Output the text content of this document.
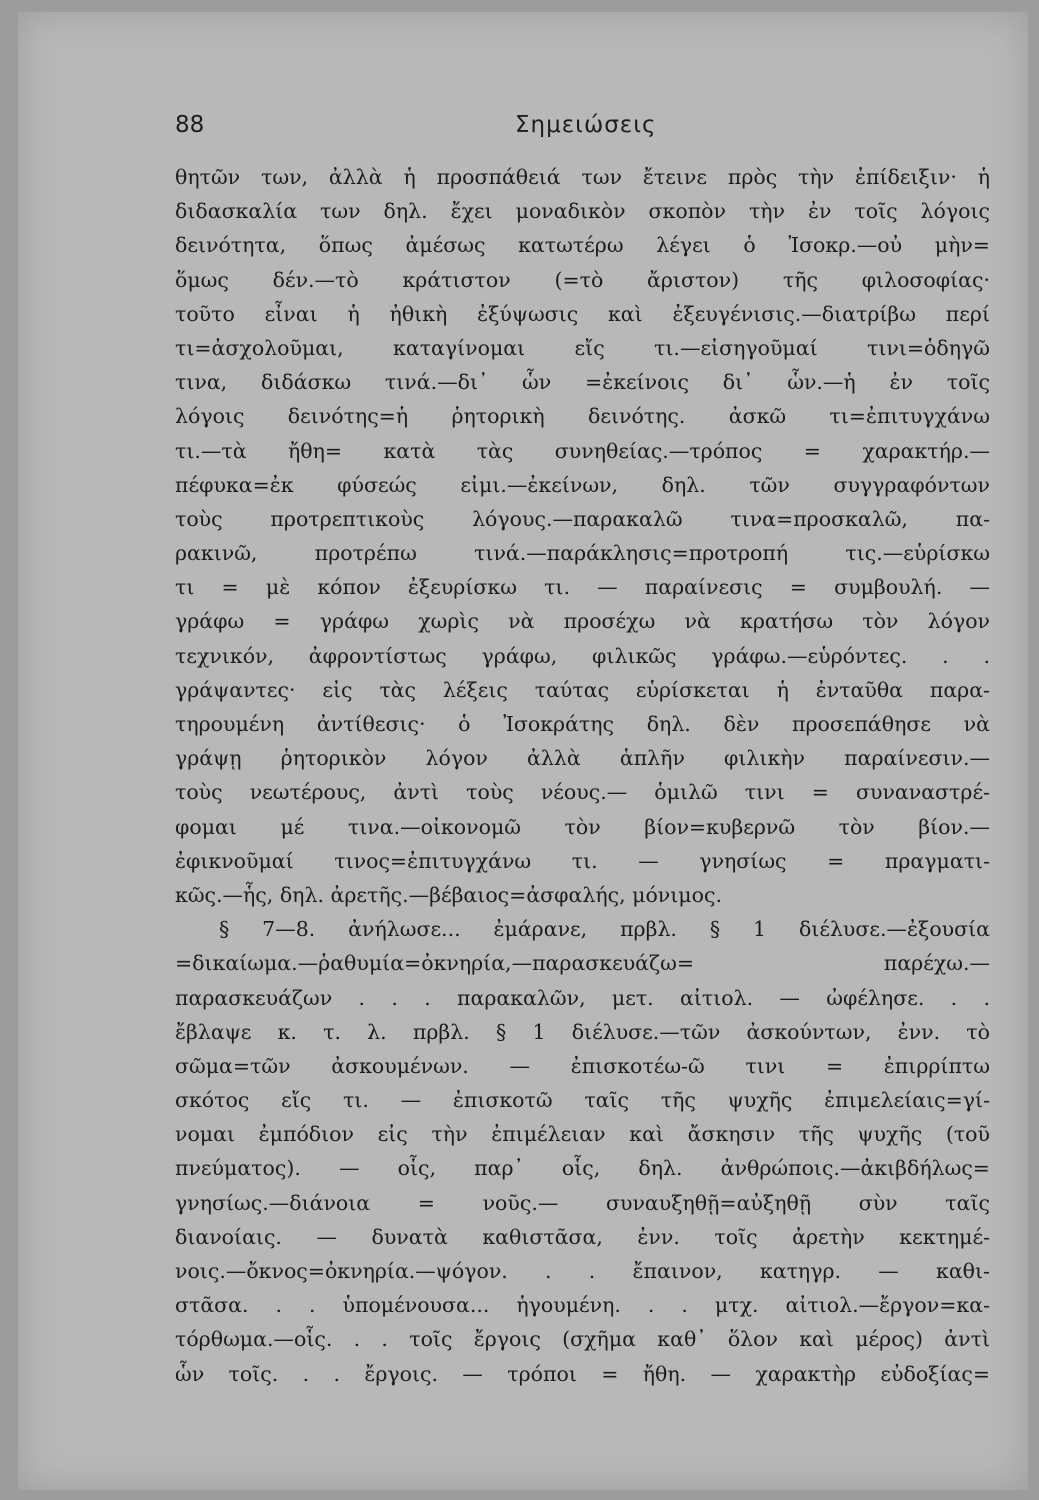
88	Σημειώσεις
θητῶν των, ἀλλὰ ἡ προσπάθειά των ἔτεινε πρὸς τὴν ἐπίδειξιν· ἡ
διδασκαλία των δηλ. ἔχει μοναδικὸν σκοπὸν τὴν ἐν τοῖς λόγοις
δεινότητα, ὅπως ἀμέσως κατωτέρω λέγει ὁ Ἰσοκρ.—οὐ μὴν=
ὅμως δέν.—τὸ κράτιστον (=τὸ ἄριστον) τῆς φιλοσοφίας·
τοῦτο εἶναι ἡ ἠθικὴ ἐξύψωσις καὶ ἐξευγένισις.—διατρίβω περί
τι=ἀσχολοῦμαι, καταγίνομαι εἴς τι.—εἰσηγοῦμαί τινι=ὁδηγῶ
τινα, διδάσκω τινά.—δι᾽ ὧν =ἐκείνοις δι᾽ ὧν.—ἡ ἐν τοῖς
λόγοις δεινότης=ἡ ῥητορικὴ δεινότης. ἀσκῶ τι=ἐπιτυγχάνω
τι.—τὰ ἤθη= κατὰ τὰς συνηθείας.—τρόπος = χαρακτήρ.—
πέφυκα=ἐκ φύσεώς εἰμι.—ἐκείνων, δηλ. τῶν συγγραφόντων
τοὺς προτρεπτικοὺς λόγους.—παρακαλῶ τινα=προσκαλῶ, πα-
ρακινῶ, προτρέπω τινά.—παράκλησις=προτροπή τις.—εὑρίσκω
τι = μὲ κόπον ἐξευρίσκω τι. — παραίνεσις = συμβουλή. —
γράφω = γράφω χωρὶς νὰ προσέχω νὰ κρατήσω τὸν λόγον
τεχνικόν, ἀφροντίστως γράφω, φιλικῶς γράφω.—εὑρόντες. . .
γράψαντες· εἰς τὰς λέξεις ταύτας εὑρίσκεται ἡ ἐνταῦθα παρα-
τηρουμένη ἀντίθεσις· ὁ Ἰσοκράτης δηλ. δὲν προσεπάθησε νὰ
γράψῃ ῥητορικὸν λόγον ἀλλὰ ἁπλῆν φιλικὴν παραίνεσιν.—
τοὺς νεωτέρους, ἀντὶ τοὺς νέους.— ὁμιλῶ τινι = συναναστρέ-
φομαι μέ τινα.—οἰκονομῶ τὸν βίον=κυβερνῶ τὸν βίον.—
ἐφικνοῦμαί τινος=ἐπιτυγχάνω τι. — γνησίως = πραγματι-
κῶς.—ἧς, δηλ. ἀρετῆς.—βέβαιος=ἀσφαλής, μόνιμος.
§ 7—8. ἀνήλωσε... ἐμάρανε, πρβλ. § 1 διέλυσε.—ἐξουσία
=δικαίωμα.—ῥαθυμία=ὀκνηρία,—παρασκευάζω= παρέχω.—
παρασκευάζων . . . παρακαλῶν, μετ. αἰτιολ. — ὠφέλησε. . .
ἔβλαψε κ. τ. λ. πρβλ. § 1 διέλυσε.—τῶν ἀσκούντων, ἐνν. τὸ
σῶμα=τῶν ἀσκουμένων. — ἐπισκοτέω-ῶ τινι = ἐπιρρίπτω
σκότος εἴς τι. — ἐπισκοτῶ ταῖς τῆς ψυχῆς ἐπιμελείαις=γί-
νομαι ἐμπόδιον εἰς τὴν ἐπιμέλειαν καὶ ἄσκησιν τῆς ψυχῆς (τοῦ
πνεύματος). — οἷς, παρ᾽ οἷς, δηλ. ἀνθρώποις.—ἀκιβδήλως=
γνησίως.—διάνοια = νοῦς.— συναυξηθῇ=αὐξηθῇ σὺν ταῖς
διανοίαις. — δυνατὰ καθιστᾶσα, ἐνν. τοῖς ἀρετὴν κεκτημέ-
νοις.—ὄκνος=ὀκνηρία.—ψόγον. . . ἔπαινον, κατηγρ. — καθι-
στᾶσα. . . ὑπομένουσα... ἡγουμένη. . . μτχ. αἰτιολ.—ἔργον=κα-
τόρθωμα.—οἷς. . . τοῖς ἔργοις (σχῆμα καθ᾽ ὅλον καὶ μέρος) ἀντὶ
ὧν τοῖς. . . ἔργοις. — τρόποι = ἤθη. — χαρακτὴρ εὐδοξίας=
